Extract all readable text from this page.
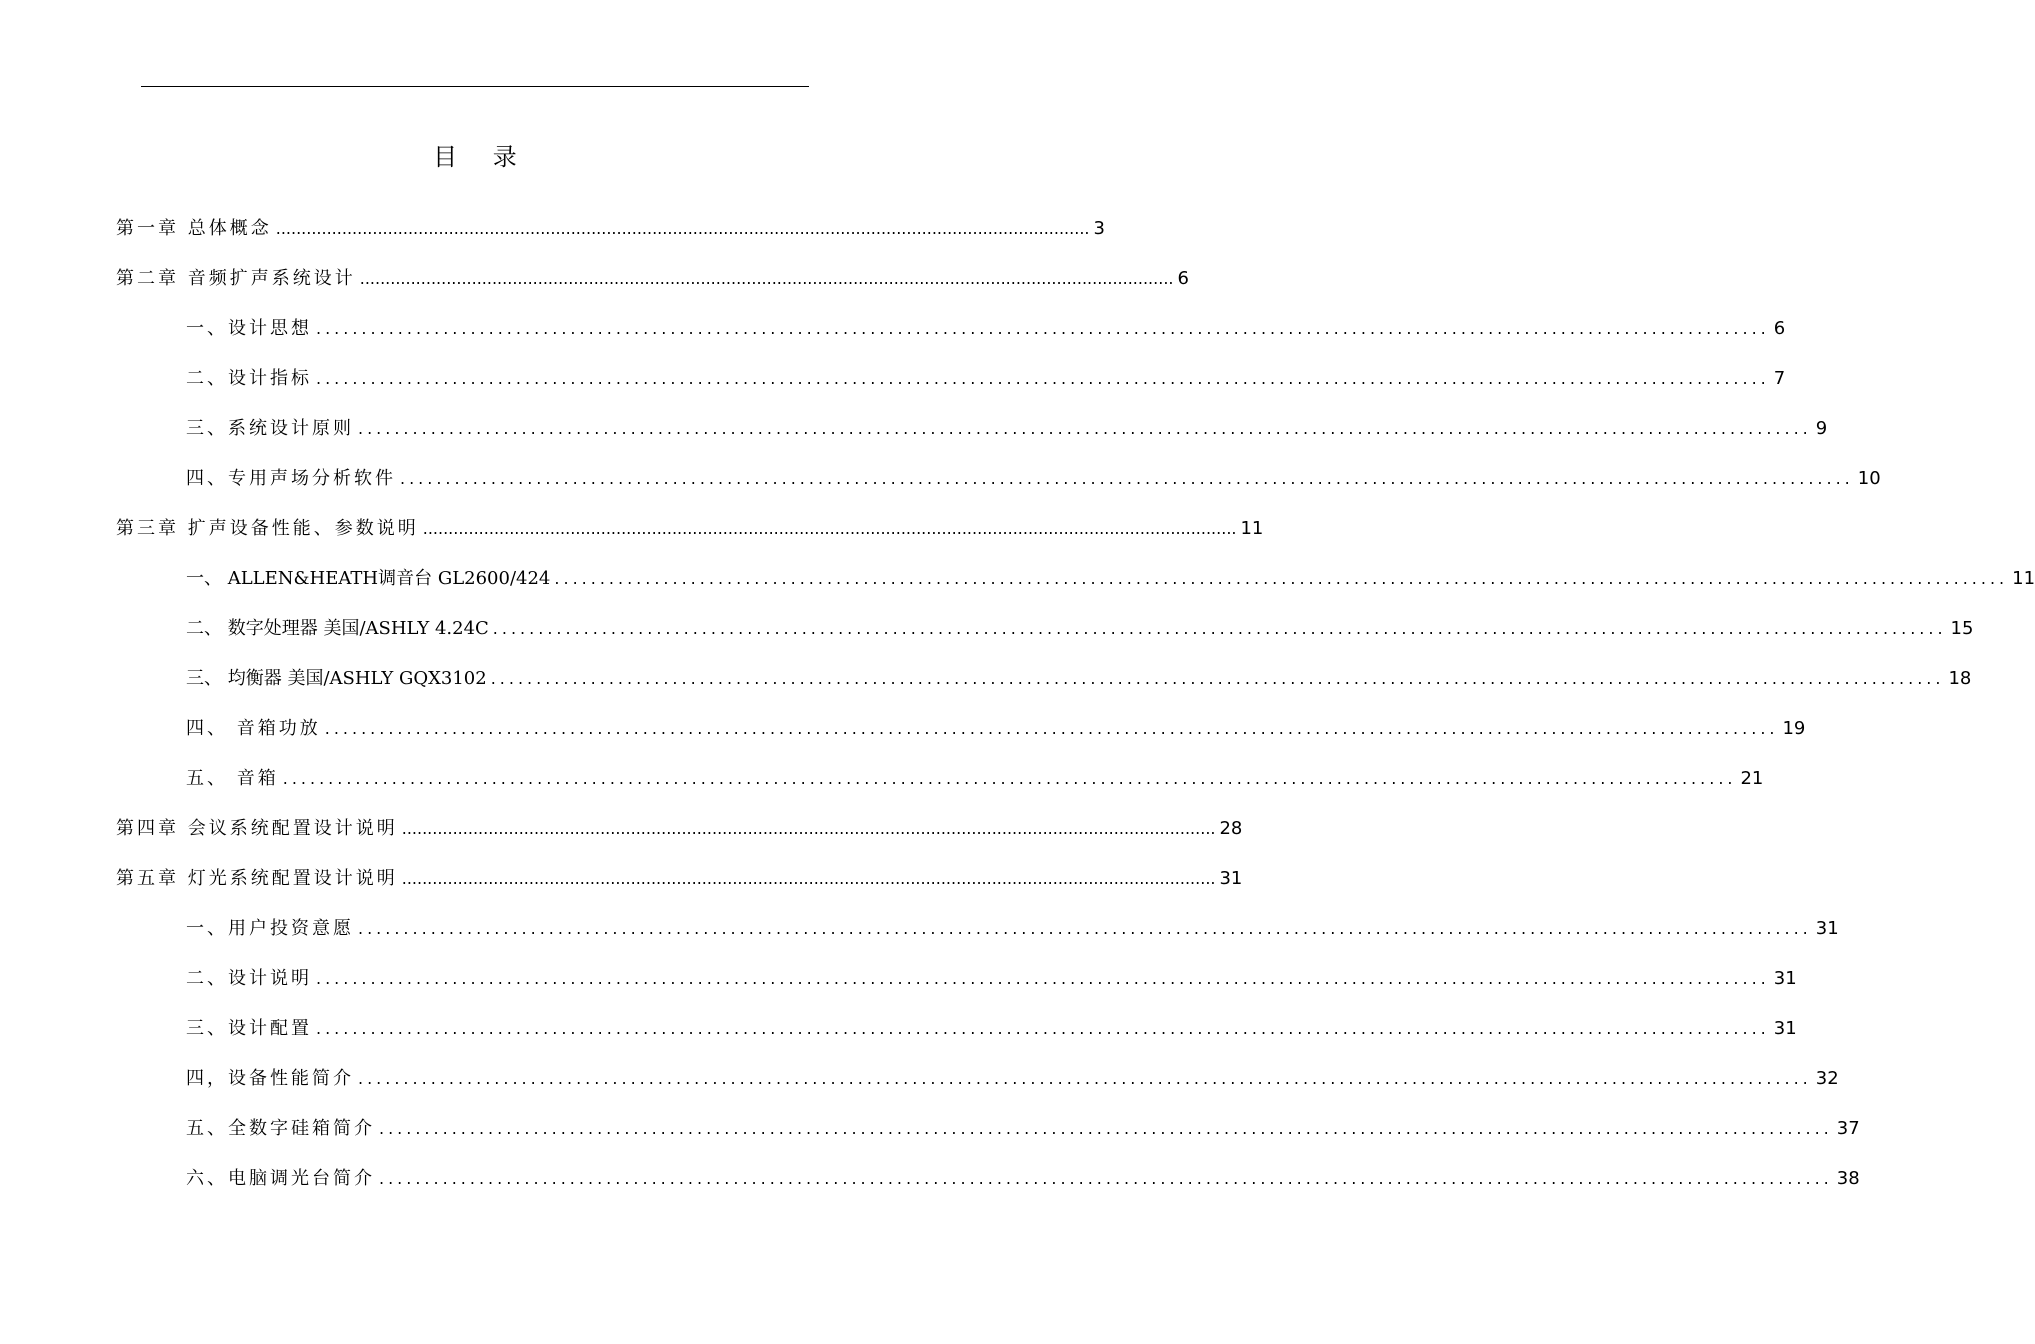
目 录
第一章 总体概念 ................................................................................................................................................................ 3
第二章 音频扩声系统设计 ................................................................................................................................................................ 6
一、设计思想 ................................................................................................................................................................ 6
二、设计指标 ................................................................................................................................................................ 7
三、系统设计原则 ................................................................................................................................................................ 9
四、专用声场分析软件 ................................................................................................................................................................ 10
第三章 扩声设备性能、参数说明 ................................................................................................................................................................ 11
一、 ALLEN&HEATH调音台 GL2600/424 ................................................................................................................................................................ 11
二、 数字处理器 美国/ASHLY 4.24C ................................................................................................................................................................ 15
三、 均衡器 美国/ASHLY GQX3102 ................................................................................................................................................................ 18
四、 音箱功放 ................................................................................................................................................................ 19
五、 音箱 ................................................................................................................................................................ 21
第四章 会议系统配置设计说明 ................................................................................................................................................................ 28
第五章 灯光系统配置设计说明 ................................................................................................................................................................ 31
一、用户投资意愿 ................................................................................................................................................................ 31
二、设计说明 ................................................................................................................................................................ 31
三、设计配置 ................................................................................................................................................................ 31
四，设备性能简介 ................................................................................................................................................................ 32
五、全数字硅箱简介 ................................................................................................................................................................ 37
六、电脑调光台简介 ................................................................................................................................................................ 38
